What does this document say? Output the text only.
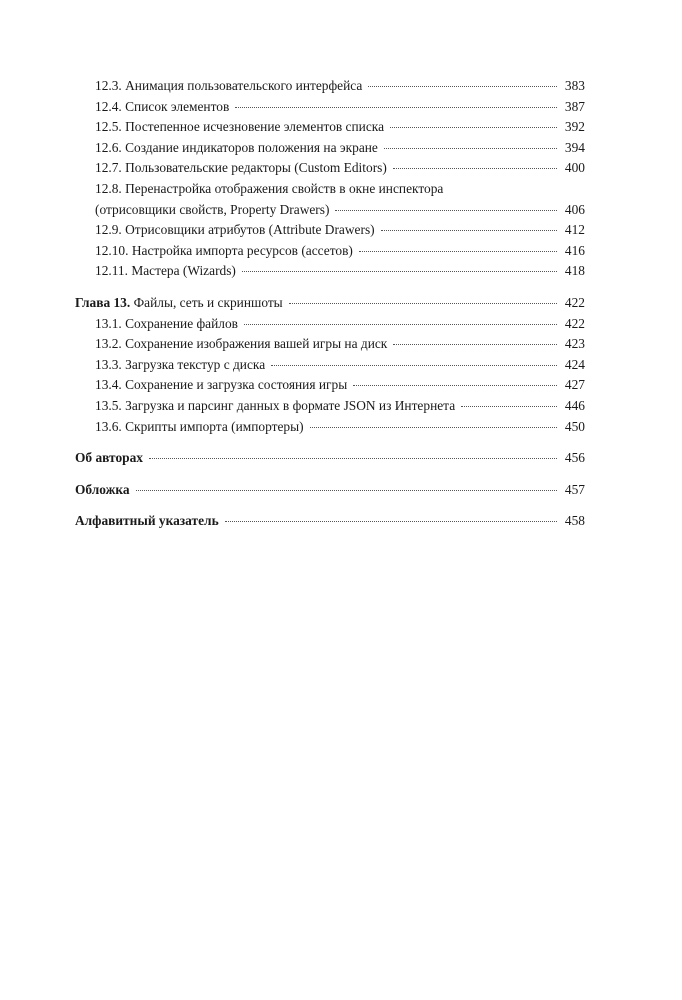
12.3. Анимация пользовательского интерфейса	383
12.4. Список элементов	387
12.5. Постепенное исчезновение элементов списка	392
12.6. Создание индикаторов положения на экране	394
12.7. Пользовательские редакторы (Custom Editors)	400
12.8. Перенастройка отображения свойств в окне инспектора
(отрисовщики свойств, Property Drawers)	406
12.9. Отрисовщики атрибутов (Attribute Drawers)	412
12.10. Настройка импорта ресурсов (ассетов)	416
12.11. Мастера (Wizards)	418
Глава 13. Файлы, сеть и скриншоты	422
13.1. Сохранение файлов	422
13.2. Сохранение изображения вашей игры на диск	423
13.3. Загрузка текстур с диска	424
13.4. Сохранение и загрузка состояния игры	427
13.5. Загрузка и парсинг данных в формате JSON из Интернета	446
13.6. Скрипты импорта (импортеры)	450
Об авторах	456
Обложка	457
Алфавитный указатель	458
